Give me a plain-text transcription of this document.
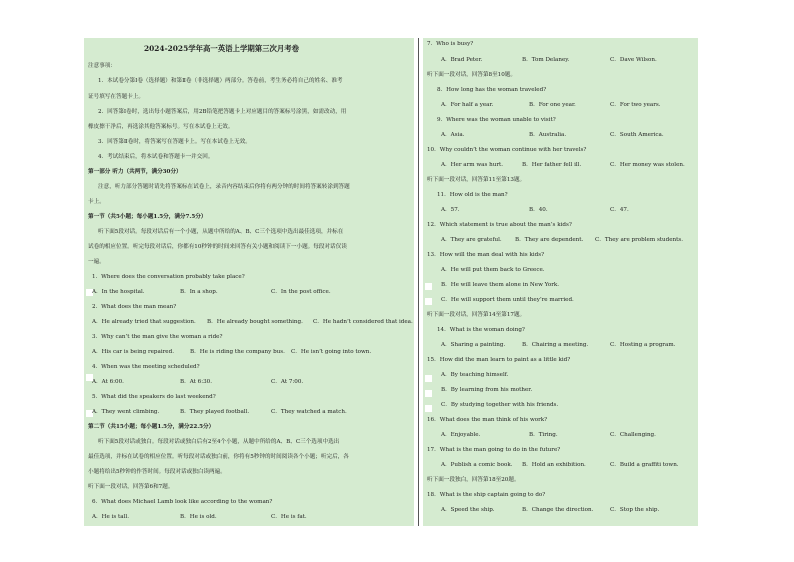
2024-2025学年高一英语上学期第三次月考卷
注意事项：
1．本试卷分第Ⅰ卷（选择题）和第Ⅱ卷（非选择题）两部分。答卷前，考生务必将自己的姓名、准考
证号填写在答题卡上。
2．回答第Ⅰ卷时，选出每小题答案后，用2B铅笔把答题卡上对应题目的答案标号涂黑，如需改动，用
橡皮擦干净后，再选涂其他答案标号。写在本试卷上无效。
3．回答第Ⅱ卷时，将答案写在答题卡上。写在本试卷上无效。
4．考试结束后，将本试卷和答题卡一并交回。
第一部分 听力（共两节，满分30分）
注意，听力部分答题时请先将答案标在试卷上，录音内容结束后你将有两分钟的时间将答案转涂到答题
卡上。
第一节（共5小题；每小题1.5分，满分7.5分）
听下面5段对话。每段对话后有一个小题，从题中所给的A、B、C三个选项中选出最佳选项，并标在
试卷的相应位置。听完每段对话后，你都有10秒钟的时间来回答有关小题和阅读下一小题。每段对话仅读
一遍。
1．Where does the conversation probably take place?
A．In the hospital.	B．In a shop.	C．In the post office.
2．What does the man mean?
A．He already tried that suggestion. B．He already bought something. C．He hadn’t considered that idea.
3．Why can’t the man give the woman a ride?
A．His car is being repaired.	B．He is riding the company bus. C．He isn’t going into town.
4．When was the meeting scheduled?
A．At 6:00.	B．At 6:30.	C．At 7:00.
5．What did the speakers do last weekend?
A．They went climbing.	B．They played football.	C．They watched a match.
第二节（共15小题；每小题1.5分，满分22.5分）
听下面5段对话或独白。每段对话或独白后有2至4个小题，从题中所给的A、B、C三个选项中选出
最佳选项，并标在试卷的相应位置。听每段对话或独白前，你将有5秒钟的时间阅读各个小题；听完后，各
小题将给出5秒钟的作答时间。每段对话或独白读两遍。
听下面一段对话，回答第6和7题。
6．What does Michael Lamb look like according to the woman?
A．He is tall.	B．He is old.	C．He is fat.
7．Who is busy?
A．Brad Peter.	B．Tom Delaney.	C．Dave Wilson.
听下面一段对话，回答第8至10题。
8．How long has the woman traveled?
A．For half a year.	B．For one year.	C．For two years.
9．Where was the woman unable to visit?
A．Asia.	B．Australia.	C．South America.
10．Why couldn’t the woman continue with her travels?
A．Her arm was hurt.	B．Her father fell ill.	C．Her money was stolen.
听下面一段对话，回答第11至第13题。
11．How old is the man?
A．57.	B．40.	C．47.
12．Which statement is true about the man’s kids?
A．They are grateful. B．They are dependent. C．They are problem students.
13．How will the man deal with his kids?
A．He will put them back to Greece.
B．He will leave them alone in New York.
C．He will support them until they’re married.
听下面一段对话，回答第14至第17题。
14．What is the woman doing?
A．Sharing a painting.	B．Chairing a meeting.	C．Hosting a program.
15．How did the man learn to paint as a little kid?
A．By teaching himself.
B．By learning from his mother.
C．By studying together with his friends.
16．What does the man think of his work?
A．Enjoyable.	B．Tiring.	C．Challenging.
17．What is the man going to do in the future?
A．Publish a comic book. B．Hold an exhibition.	C．Build a graffiti town.
听下面一段独白，回答第18至20题。
18．What is the ship captain going to do?
A．Speed the ship.	B．Change the direction.	C．Stop the ship.
